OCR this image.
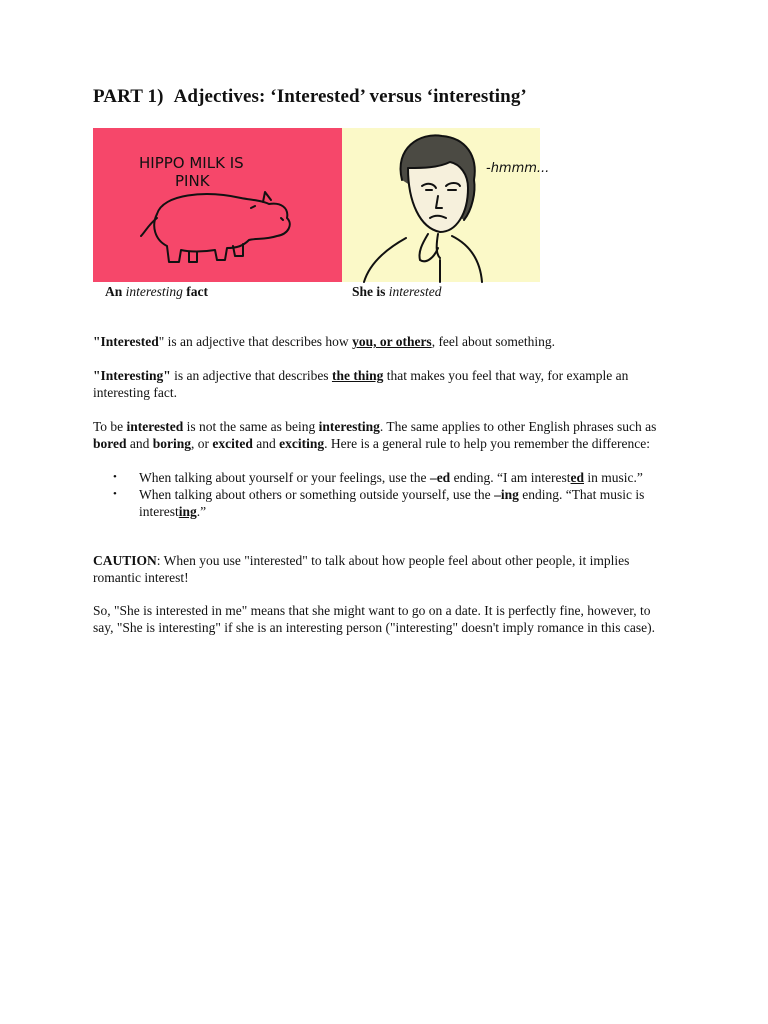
PART 1) Adjectives: ‘Interested’ versus ‘interesting’
HIPPO MILK IS
PINK
-hmmm...
An interesting fact	She is interested

"Interested" is an adjective that describes how you, or others, feel about something.

"Interesting" is an adjective that describes the thing that makes you feel that way, for example an interesting fact.

To be interested is not the same as being interesting. The same applies to other English phrases such as bored and boring, or excited and exciting. Here is a general rule to help you remember the difference:

• When talking about yourself or your feelings, use the –ed ending. “I am interested in music.”
• When talking about others or something outside yourself, use the –ing ending. “That music is interesting.”

CAUTION: When you use "interested" to talk about how people feel about other people, it implies romantic interest!

So, "She is interested in me" means that she might want to go on a date. It is perfectly fine, however, to say, "She is interesting" if she is an interesting person ("interesting" doesn't imply romance in this case).
